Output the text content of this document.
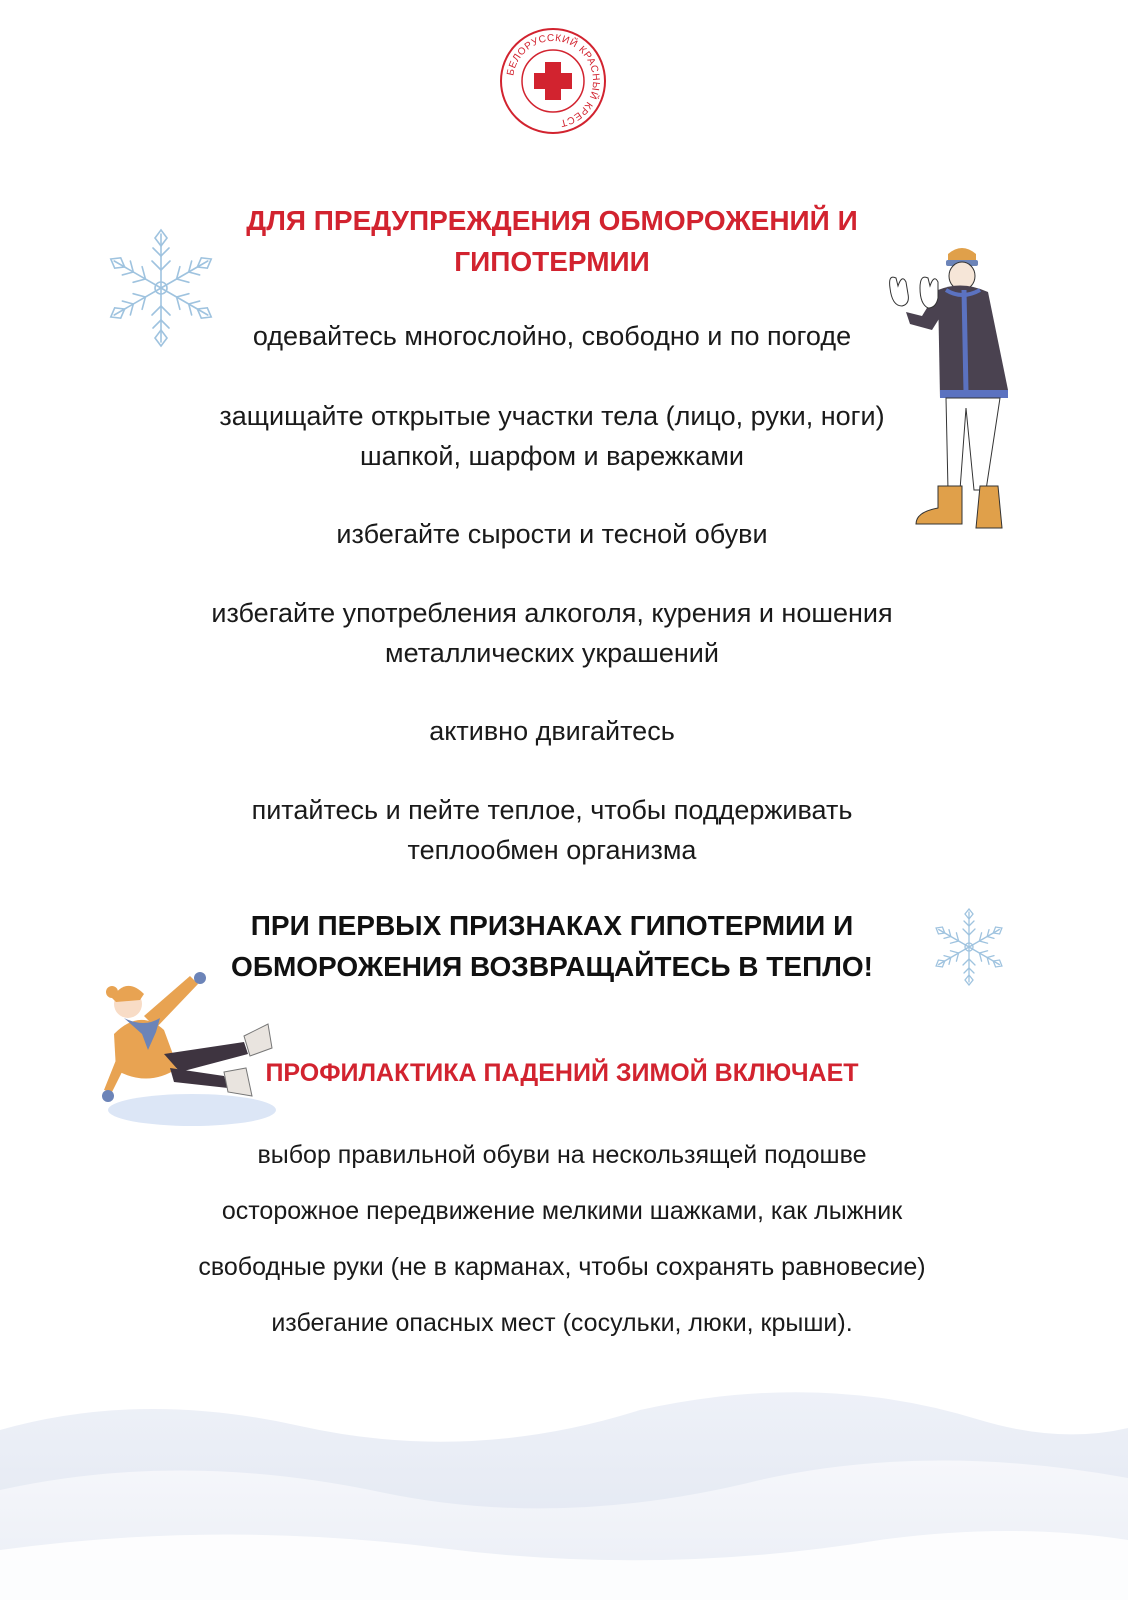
БЕЛОРУССКИЙ КРАСНЫЙ КРЕСТ
ДЛЯ ПРЕДУПРЕЖДЕНИЯ ОБМОРОЖЕНИЙ И
ГИПОТЕРМИИ
одевайтесь многослойно, свободно и по погоде
защищайте открытые участки тела (лицо, руки, ноги)
шапкой, шарфом и варежками
избегайте сырости и тесной обуви
избегайте употребления алкоголя, курения и ношения
металлических украшений
активно двигайтесь
питайтесь и пейте теплое, чтобы поддерживать
теплообмен организма
ПРИ ПЕРВЫХ ПРИЗНАКАХ ГИПОТЕРМИИ И
ОБМОРОЖЕНИЯ ВОЗВРАЩАЙТЕСЬ В ТЕПЛО!
ПРОФИЛАКТИКА ПАДЕНИЙ ЗИМОЙ ВКЛЮЧАЕТ
выбор правильной обуви на нескользящей подошве
осторожное передвижение мелкими шажками, как лыжник
свободные руки (не в карманах, чтобы сохранять равновесие)
избегание опасных мест (сосульки, люки, крыши).
